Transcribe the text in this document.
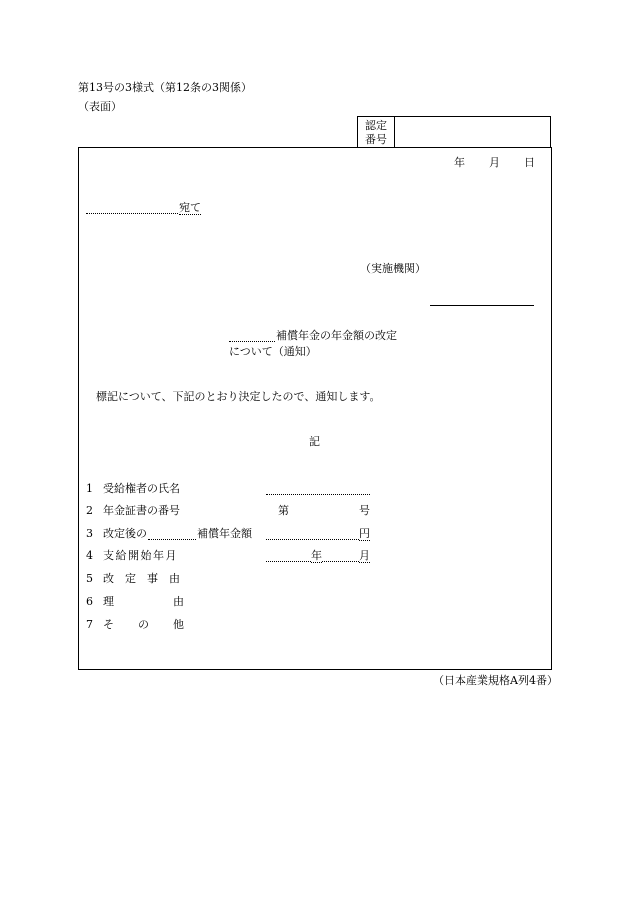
第13号の3様式（第12条の3関係）
（表面）
認定
番号
年 月 日
宛て
（実施機関）
補償年金の年金額の改定
について（通知）
標記について、下記のとおり決定したので、通知します。
記
1 受給権者の氏名
2 年金証書の番号	第	号
3 改定後の	補償年金額	円
4 支給開始年月	年	月
5 改　定　事　由
6 理	由
7 そ の 他
（日本産業規格A列4番）
